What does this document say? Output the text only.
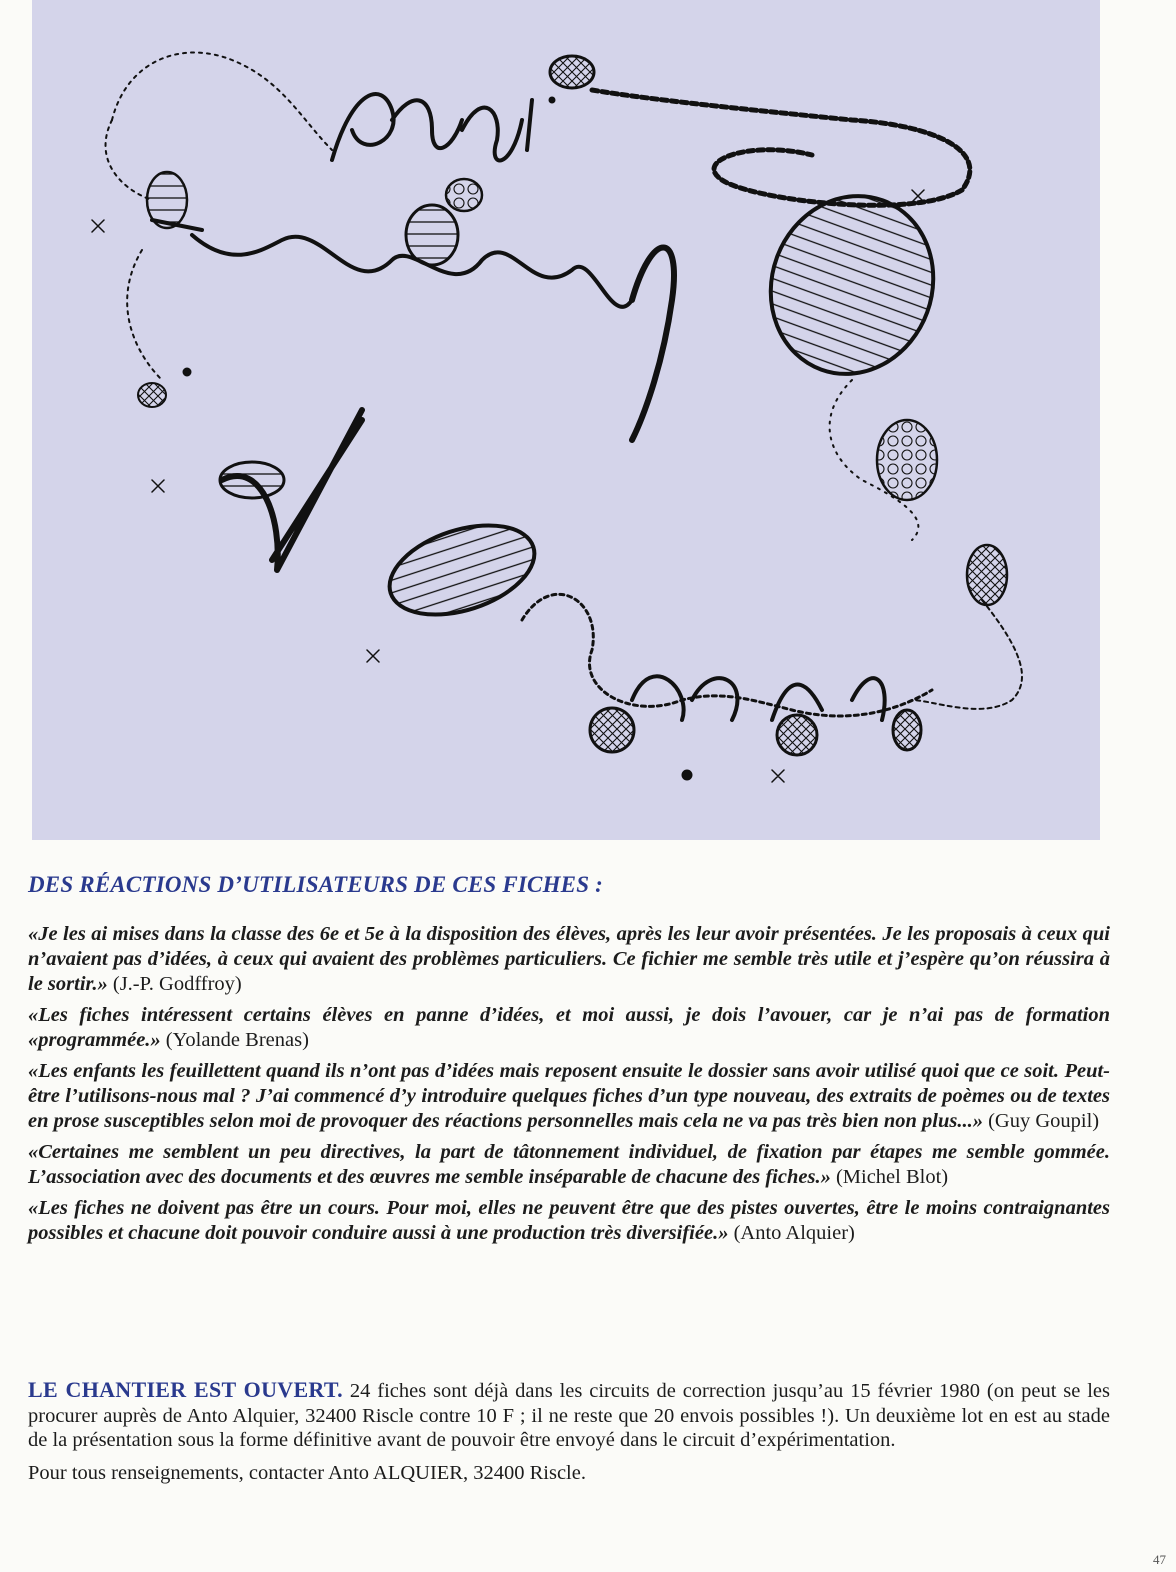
DES RÉACTIONS D’UTILISATEURS DE CES FICHES :

«Je les ai mises dans la classe des 6e et 5e à la disposition des élèves, après les leur avoir présentées. Je les proposais à ceux qui n’avaient pas d’idées, à ceux qui avaient des problèmes particuliers. Ce fichier me semble très utile et j’espère qu’on réussira à le sortir.» (J.-P. Godffroy)

«Les fiches intéressent certains élèves en panne d’idées, et moi aussi, je dois l’avouer, car je n’ai pas de formation «programmée.» (Yolande Brenas)

«Les enfants les feuillettent quand ils n’ont pas d’idées mais reposent ensuite le dossier sans avoir utilisé quoi que ce soit. Peut-être l’utilisons-nous mal ? J’ai commencé d’y introduire quelques fiches d’un type nouveau, des extraits de poèmes ou de textes en prose susceptibles selon moi de provoquer des réactions personnelles mais cela ne va pas très bien non plus...» (Guy Goupil)

«Certaines me semblent un peu directives, la part de tâtonnement individuel, de fixation par étapes me semble gommée. L’association avec des documents et des œuvres me semble inséparable de chacune des fiches.» (Michel Blot)

«Les fiches ne doivent pas être un cours. Pour moi, elles ne peuvent être que des pistes ouvertes, être le moins contraignantes possibles et chacune doit pouvoir conduire aussi à une production très diversifiée.» (Anto Alquier)

LE CHANTIER EST OUVERT. 24 fiches sont déjà dans les circuits de correction jusqu’au 15 février 1980 (on peut se les procurer auprès de Anto Alquier, 32400 Riscle contre 10 F ; il ne reste que 20 envois possibles !). Un deuxième lot en est au stade de la présentation sous la forme définitive avant de pouvoir être envoyé dans le circuit d’expérimentation.

Pour tous renseignements, contacter Anto ALQUIER, 32400 Riscle.

47
